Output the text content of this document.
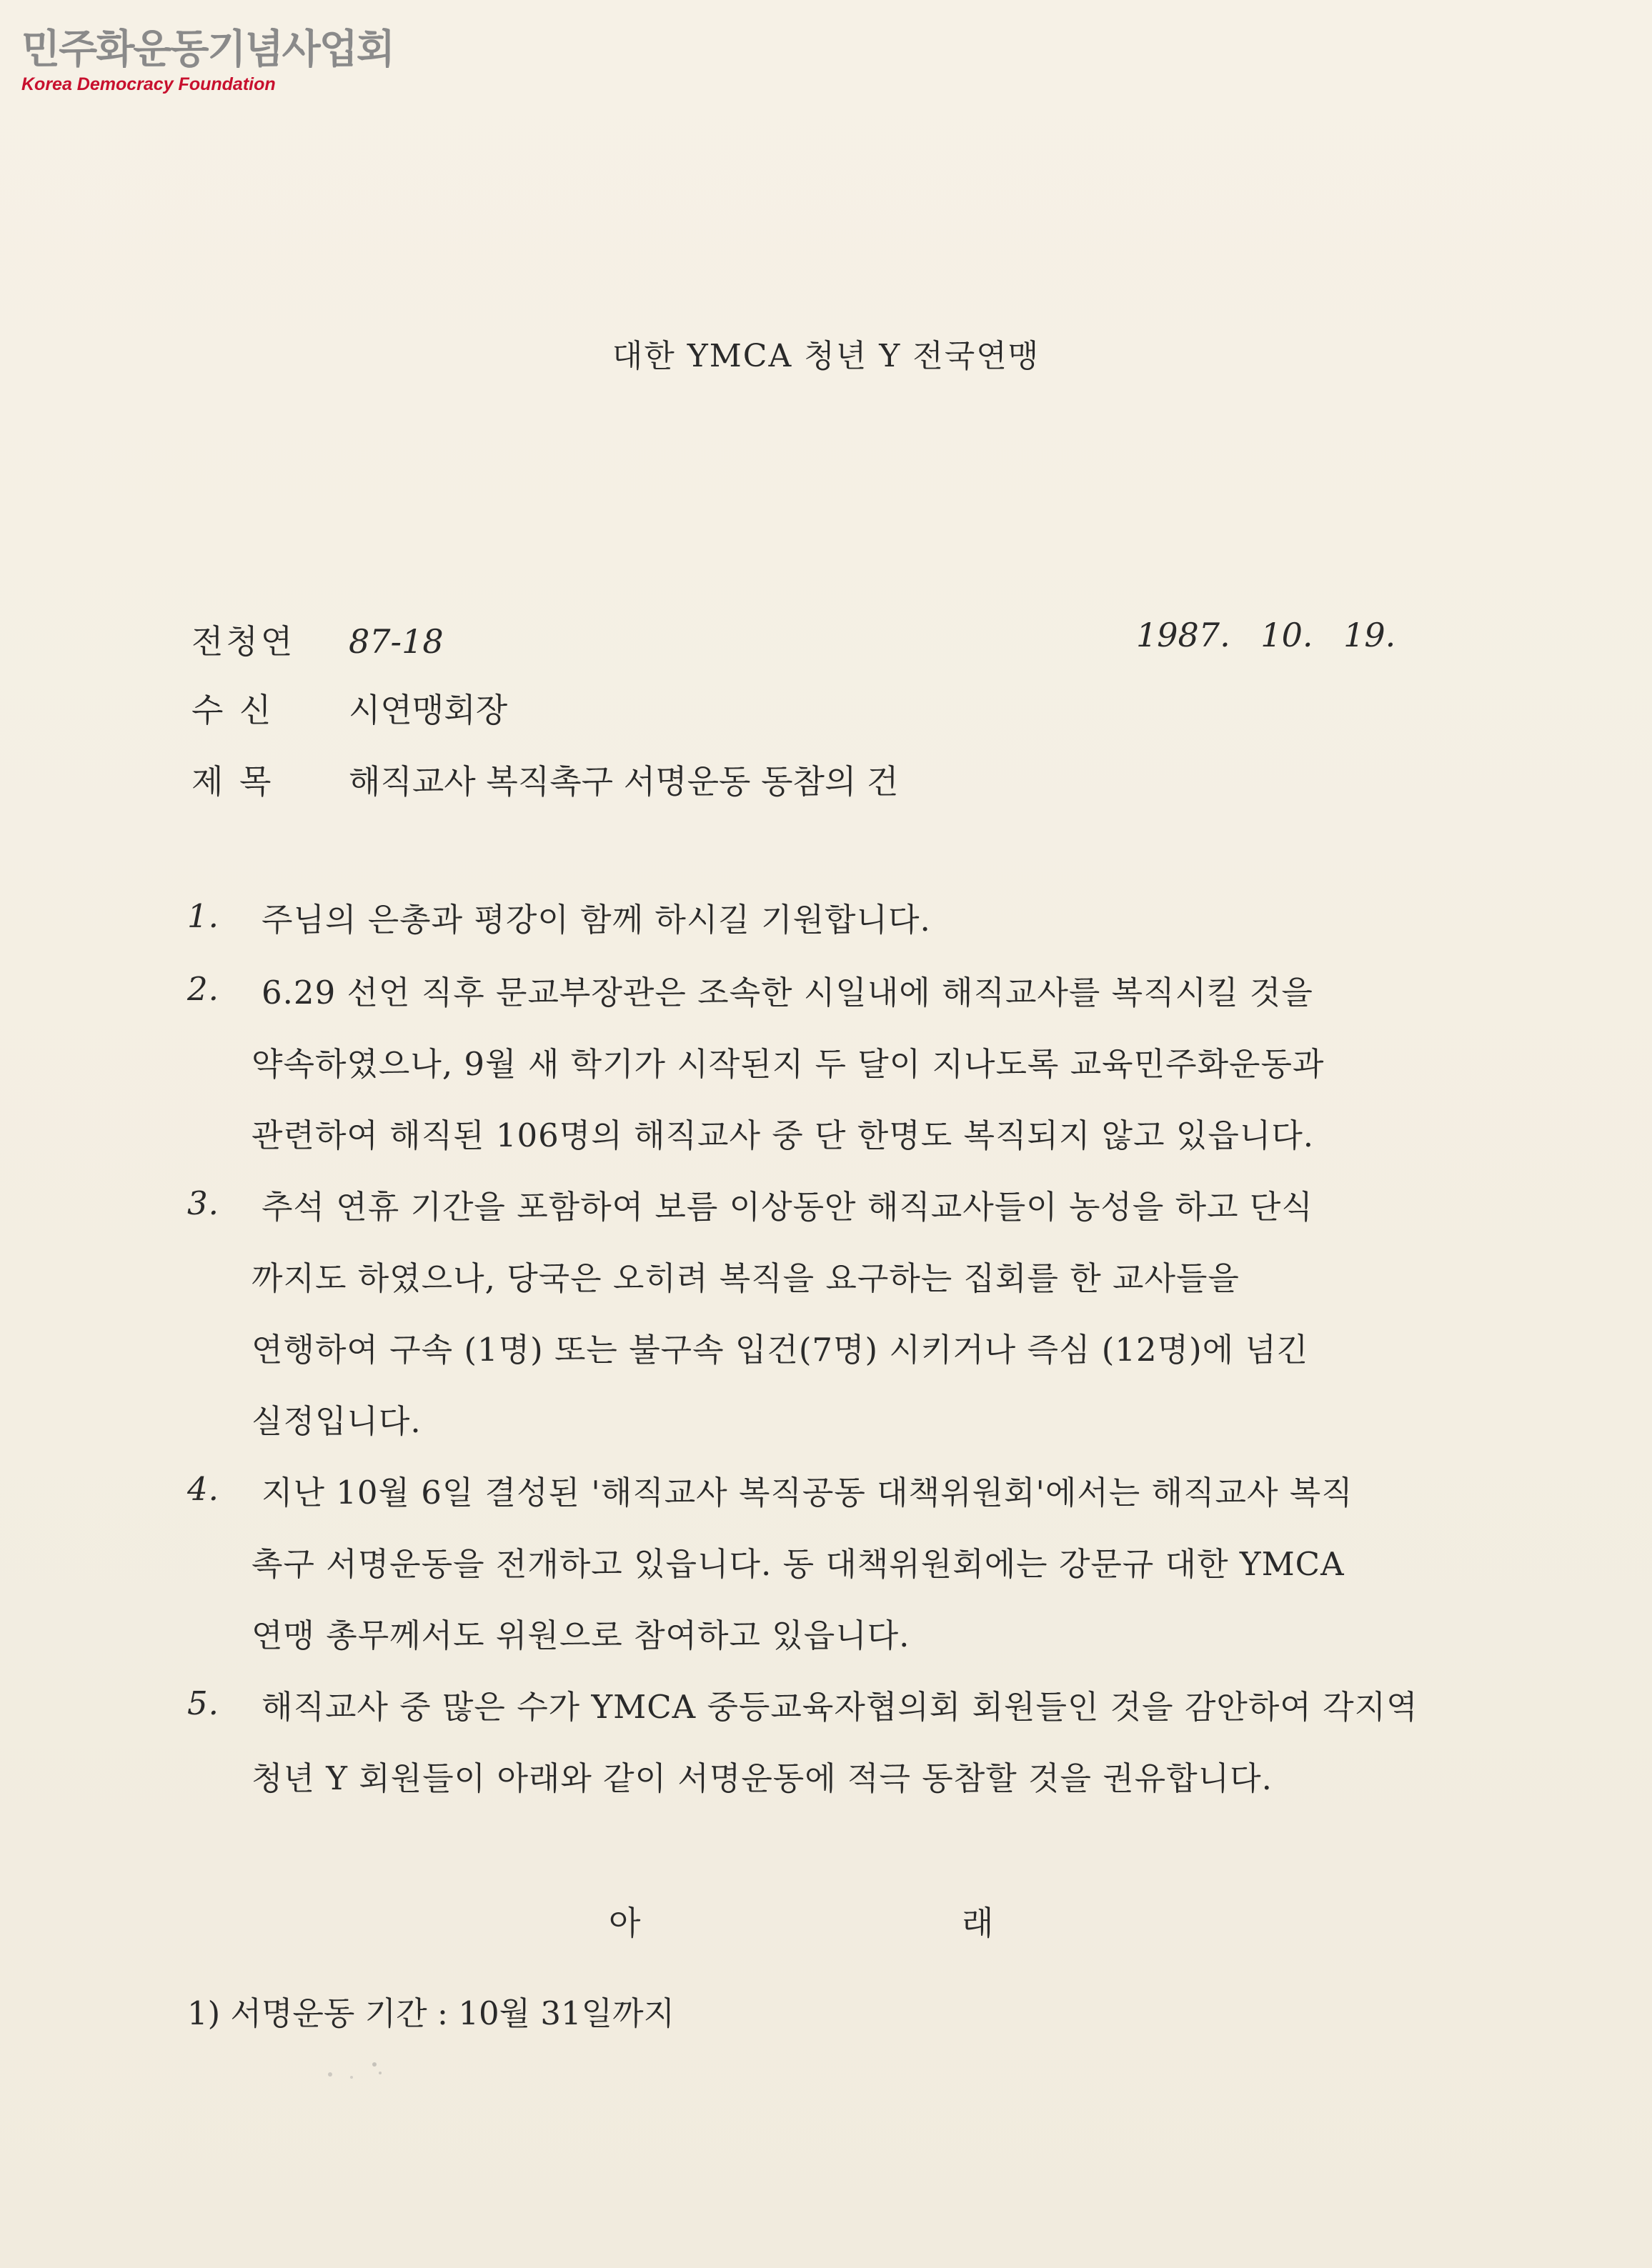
민주화운동기념사업회
Korea Democracy Foundation
대한 YMCA 청년 Y 전국연맹
전청연 87-18	1987. 10. 19.
수 신 시연맹회장
제 목 해직교사 복직촉구 서명운동 동참의 건
1.	주님의 은총과 평강이 함께 하시길 기원합니다.
2.	6.29 선언 직후 문교부장관은 조속한 시일내에 해직교사를 복직시킬 것을
약속하였으나, 9월 새 학기가 시작된지 두 달이 지나도록 교육민주화운동과
관련하여 해직된 106명의 해직교사 중 단 한명도 복직되지 않고 있읍니다.
3.	추석 연휴 기간을 포함하여 보름 이상동안 해직교사들이 농성을 하고 단식
까지도 하였으나, 당국은 오히려 복직을 요구하는 집회를 한 교사들을
연행하여 구속 (1명) 또는 불구속 입건(7명) 시키거나 즉심 (12명)에 넘긴
실정입니다.
4.	지난 10월 6일 결성된 '해직교사 복직공동 대책위원회'에서는 해직교사 복직
촉구 서명운동을 전개하고 있읍니다. 동 대책위원회에는 강문규 대한 YMCA
연맹 총무께서도 위원으로 참여하고 있읍니다.
5.	해직교사 중 많은 수가 YMCA 중등교육자협의회 회원들인 것을 감안하여 각지역
청년 Y 회원들이 아래와 같이 서명운동에 적극 동참할 것을 권유합니다.
아	래
1) 서명운동 기간 : 10월 31일까지
